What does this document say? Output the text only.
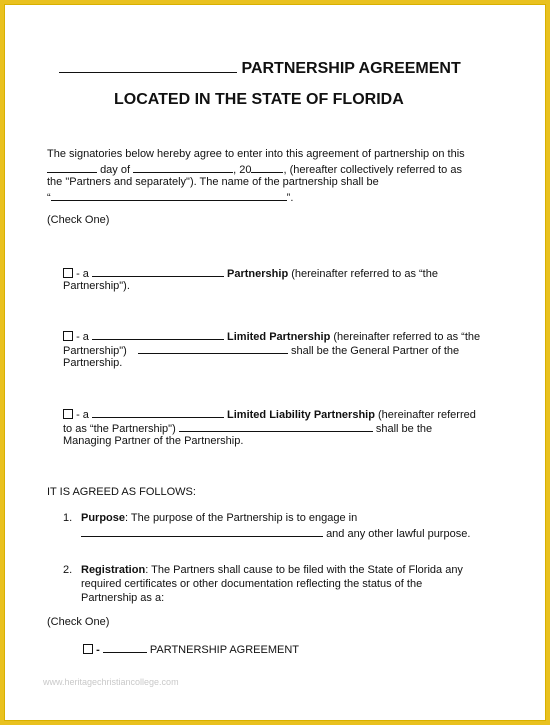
PARTNERSHIP AGREEMENT
LOCATED IN THE STATE OF FLORIDA
The signatories below hereby agree to enter into this agreement of partnership on this
day of	, 20	, (hereafter collectively referred to as
the "Partners and separately"). The name of the partnership shall be
“	”.
(Check One)
- a	Partnership (hereinafter referred to as “the
Partnership").
- a	Limited Partnership (hereinafter referred to as “the
Partnership")	shall be the General Partner of the
Partnership.
- a	Limited Liability Partnership (hereinafter referred
to as “the Partnership")	shall be the
Managing Partner of the Partnership.
IT IS AGREED AS FOLLOWS:
1. Purpose: The purpose of the Partnership is to engage in
and any other lawful purpose.
2. Registration: The Partners shall cause to be filed with the State of Florida any
required certificates or other documentation reflecting the status of the
Partnership as a:
(Check One)
-	PARTNERSHIP AGREEMENT
www.heritagechristiancollege.com
